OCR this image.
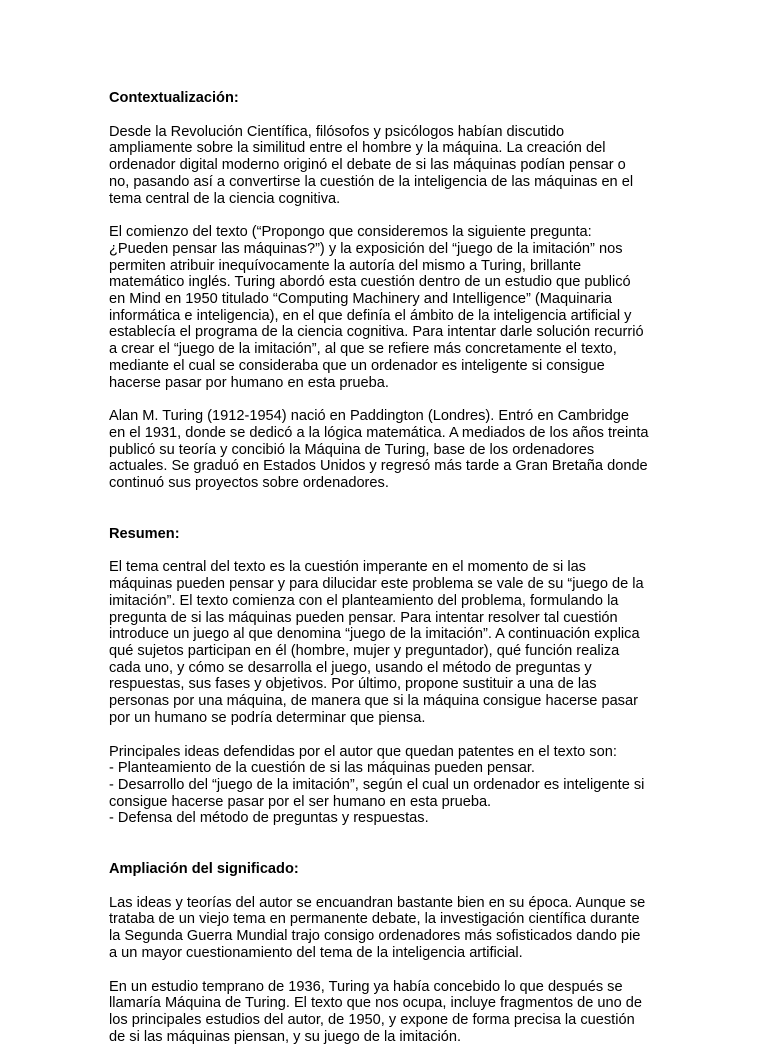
Contextualización:

Desde la Revolución Científica, filósofos y psicólogos habían discutido ampliamente sobre la similitud entre el hombre y la máquina. La creación del ordenador digital moderno originó el debate de si las máquinas podían pensar o no, pasando así a convertirse la cuestión de la inteligencia de las máquinas en el tema central de la ciencia cognitiva.

El comienzo del texto (“Propongo que consideremos la siguiente pregunta: ¿Pueden pensar las máquinas?”) y la exposición del “juego de la imitación” nos permiten atribuir inequívocamente la autoría del mismo a Turing, brillante matemático inglés. Turing abordó esta cuestión dentro de un estudio que publicó en Mind en 1950 titulado “Computing Machinery and Intelligence” (Maquinaria informática e inteligencia), en el que definía el ámbito de la inteligencia artificial y establecía el programa de la ciencia cognitiva. Para intentar darle solución recurrió a crear el “juego de la imitación”, al que se refiere más concretamente el texto, mediante el cual se consideraba que un ordenador es inteligente si consigue hacerse pasar por humano en esta prueba.

Alan M. Turing (1912-1954) nació en Paddington (Londres). Entró en Cambridge en el 1931, donde se dedicó a la lógica matemática. A mediados de los años treinta publicó su teoría y concibió la Máquina de Turing, base de los ordenadores actuales. Se graduó en Estados Unidos y regresó más tarde a Gran Bretaña donde continuó sus proyectos sobre ordenadores.

Resumen:

El tema central del texto es la cuestión imperante en el momento de si las máquinas pueden pensar y para dilucidar este problema se vale de su “juego de la imitación”. El texto comienza con el planteamiento del problema, formulando la pregunta de si las máquinas pueden pensar. Para intentar resolver tal cuestión introduce un juego al que denomina “juego de la imitación”. A continuación explica qué sujetos participan en él (hombre, mujer y preguntador), qué función realiza cada uno, y cómo se desarrolla el juego, usando el método de preguntas y respuestas, sus fases y objetivos. Por último, propone sustituir a una de las personas por una máquina, de manera que si la máquina consigue hacerse pasar por un humano se podría determinar que piensa.

Principales ideas defendidas por el autor que quedan patentes en el texto son:
- Planteamiento de la cuestión de si las máquinas pueden pensar.
- Desarrollo del “juego de la imitación”, según el cual un ordenador es inteligente si consigue hacerse pasar por el ser humano en esta prueba.
- Defensa del método de preguntas y respuestas.
Ampliación del significado:

Las ideas y teorías del autor se encuandran bastante bien en su época. Aunque se trataba de un viejo tema en permanente debate, la investigación científica durante la Segunda Guerra Mundial trajo consigo ordenadores más sofisticados dando pie a un mayor cuestionamiento del tema de la inteligencia artificial.

En un estudio temprano de 1936, Turing ya había concebido lo que después se llamaría Máquina de Turing. El texto que nos ocupa, incluye fragmentos de uno de los principales estudios del autor, de 1950, y expone de forma precisa la cuestión de si las máquinas piensan, y su juego de la imitación.
